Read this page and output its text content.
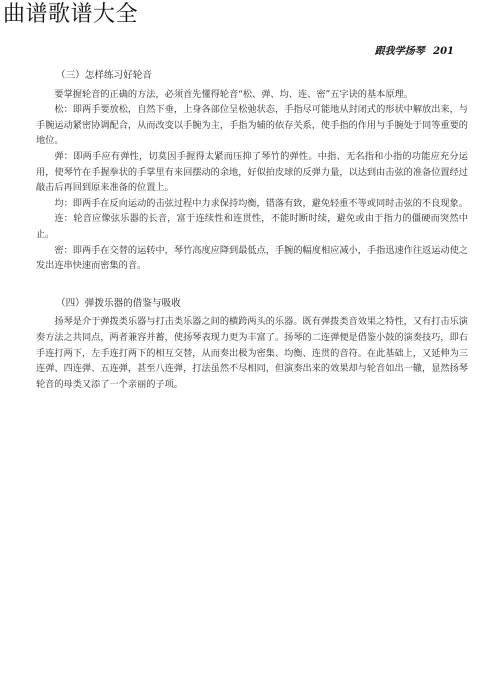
曲谱歌谱大全
跟我学扬琴 201
（三）怎样练习好轮音

要掌握轮音的正确的方法，必须首先懂得轮音“松、弹、均、连、密”五字诀的基本原理。

松：即两手要放松，自然下垂，上身各部位呈松弛状态，手指尽可能地从封闭式的形状中解放出来，与手腕运动紧密协调配合，从而改变以手腕为主，手指为辅的依存关系，使手指的作用与手腕处于同等重要的地位。

弹：即两手应有弹性，切莫因手握得太紧而压抑了琴竹的弹性。中指、无名指和小指的功能应充分运用，使琴竹在手握拳状的手掌里有来回摆动的余地，好似拍皮球的反弹力量，以达到由击弦的准备位置经过敲击后再回到原来准备的位置上。

均：即两手在反向运动的击弦过程中力求保持均衡，错落有致，避免轻重不等或同时击弦的不良现象。

连：轮音应像弦乐器的长音，富于连续性和连贯性，不能时断时续，避免或由于指力的僵硬而突然中止。

密：即两手在交替的运转中，琴竹高度应降到最低点，手腕的幅度相应减小，手指迅速作往返运动使之发出连串快速而密集的音。

（四）弹拨乐器的借鉴与吸收

扬琴是介于弹拨类乐器与打击类乐器之间的横跨两头的乐器。既有弹拨类音效果之特性，又有打击乐演奏方法之共同点，两者兼容并蓄，使扬琴表现力更为丰富了。扬琴的二连弹便是借鉴小鼓的演奏技巧，即右手连打两下，左手连打两下的相互交替，从而奏出极为密集、均衡、连贯的音符。在此基础上，又延伸为三连弹、四连弹、五连弹，甚至八连弹，打法虽然不尽相同，但演奏出来的效果却与轮音如出一辙，显然扬琴轮音的母类又添了一个亲丽的子项。
